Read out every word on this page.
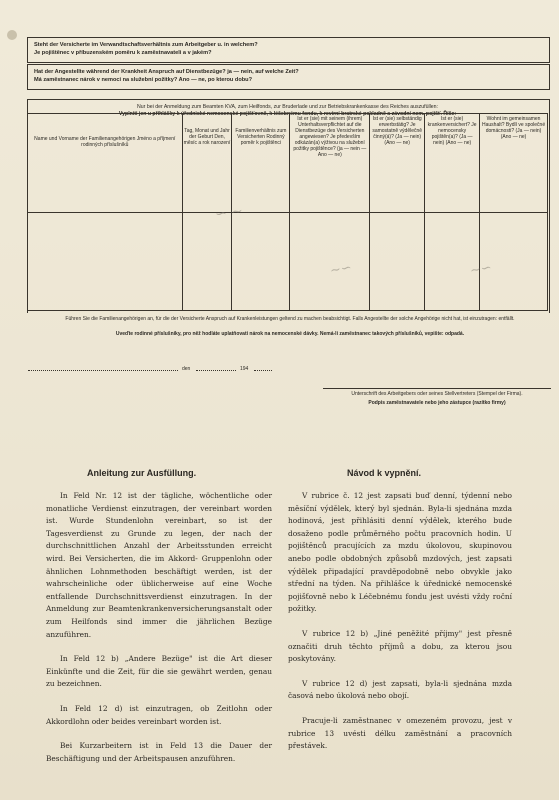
Steht der Versicherte im Verwandtschaftsverhältnis zum Arbeitgeber u. in welchem?
Je pojištěnec v příbuzenském poměru k zaměstnavateli a v jakém?
Hat der Angestellte während der Krankheit Anspruch auf Dienstbezüge? ja — nein, auf welche Zeit?
Má zaměstnanec nárok v nemoci na služební požitky? Ano — ne, po kterou dobu?
Nur bei der Anmeldung zum Beamten KVA, zum Heilfonds, zur Bruderlade und zur Betriebskrankenkasse des Reiches auszufüllen:
Vyplniti jen u přihlášky k úřednické nemocenské pojišťovně, k léčebnému fondu, k revírní bratrské pokladně a závodní nem. pojišť. Říše:
Name und Vorname der Familienangehörigen Jméno a příjmení rodinných příslušníků	Tag, Monat und Jahr der Geburt Den, měsíc a rok narození	Familienverhältnis zum Versicherten Rodinný poměr k pojištěnci	Ist er (sie) mit seinem (ihrem) Unterhaltsverpflichtet auf die Dienstbezüge des Versicherten angewiesen? Je především odkázán(a) výživou na služební požitky pojištěnce? (ja — nein — Ano — ne)	Ist er (sie) selbständig erwerbstätig? Je samostatně výdělečně činný(á)? (Ja — nein) (Ano — ne)	Ist er (sie) krankenversichert? Je nemocensky pojištěn(a)? (Ja — nein) (Ano — ne)	Wohnt im gemeinsamen Haushalt? Bydlí ve společné domácnosti? (Ja — nein) (Ano — ne)

∽ ~
∼∽	∼∽
Führen Sie die Familienangehörigen an, für die der Versicherte Anspruch auf Krankenleistungen geltend zu machen beabsichtigt. Falls Angestellte der solche Angehörige nicht hat, ist einzutragen: entfällt.
Uveďte rodinné příslušníky, pro něž hodláte uplatňovati nárok na nemocenské dávky. Nemá-li zaměstnanec takových příslušníků, vepište: odpadá.
den	194
Unterschrift des Arbeitgebers oder seines Stellvertreters (Stempel der Firma).
Podpis zaměstnavatele nebo jeho zástupce (razítko firmy)
Anleitung zur Ausfüllung.

In Feld Nr. 12 ist der tägliche, wöchentliche oder monatliche Verdienst einzutragen, der vereinbart worden ist. Wurde Stundenlohn vereinbart, so ist der Tagesverdienst zu Grunde zu legen, der nach der durchschnittlichen Anzahl der Arbeitsstunden erreicht wird. Bei Versicherten, die im Akkord- Gruppenlohn oder ähnlichen Lohnmethoden beschäftigt werden, ist der wahrscheinliche oder üblicherweise auf eine Woche entfallende Durchschnittsverdienst einzutragen. In der Anmeldung zur Beamtenkrankenversicherungsanstalt oder zum Heilfonds sind immer die jährlichen Bezüge anzuführen.

In Feld 12 b) „Andere Bezüge" ist die Art dieser Einkünfte und die Zeit, für die sie gewährt werden, genau zu bezeichnen.

In Feld 12 d) ist einzutragen, ob Zeitlohn oder Akkordlohn oder beides vereinbart worden ist.

Bei Kurzarbeitern ist in Feld 13 die Dauer der Beschäftigung und der Arbeitspausen anzuführen.

Návod k vypnění.

V rubrice č. 12 jest zapsati buď denní, týdenní nebo měsíční výdělek, který byl sjednán. Byla-li sjednána mzda hodinová, jest přihlásiti denní výdělek, kterého bude dosaženo podle průměrného počtu pracovních hodin. U pojištěnců pracujících za mzdu úkolovou, skupinovou anebo podle obdobných způsobů mzdových, jest zapsati výdělek připadající pravděpodobně nebo obvykle jako střední na týden. Na přihlášce k úřednické nemocenské pojišťovně nebo k Léčebnému fondu jest uvésti vždy roční požitky.

V rubrice 12 b) „Jiné peněžité příjmy" jest přesně označiti druh těchto příjmů a dobu, za kterou jsou poskytovány.

V rubrice 12 d) jest zapsati, byla-li sjednána mzda časová nebo úkolová nebo obojí.

Pracuje-li zaměstnanec v omezeném provozu, jest v rubrice 13 uvésti délku zaměstnání a pracovních přestávek.
